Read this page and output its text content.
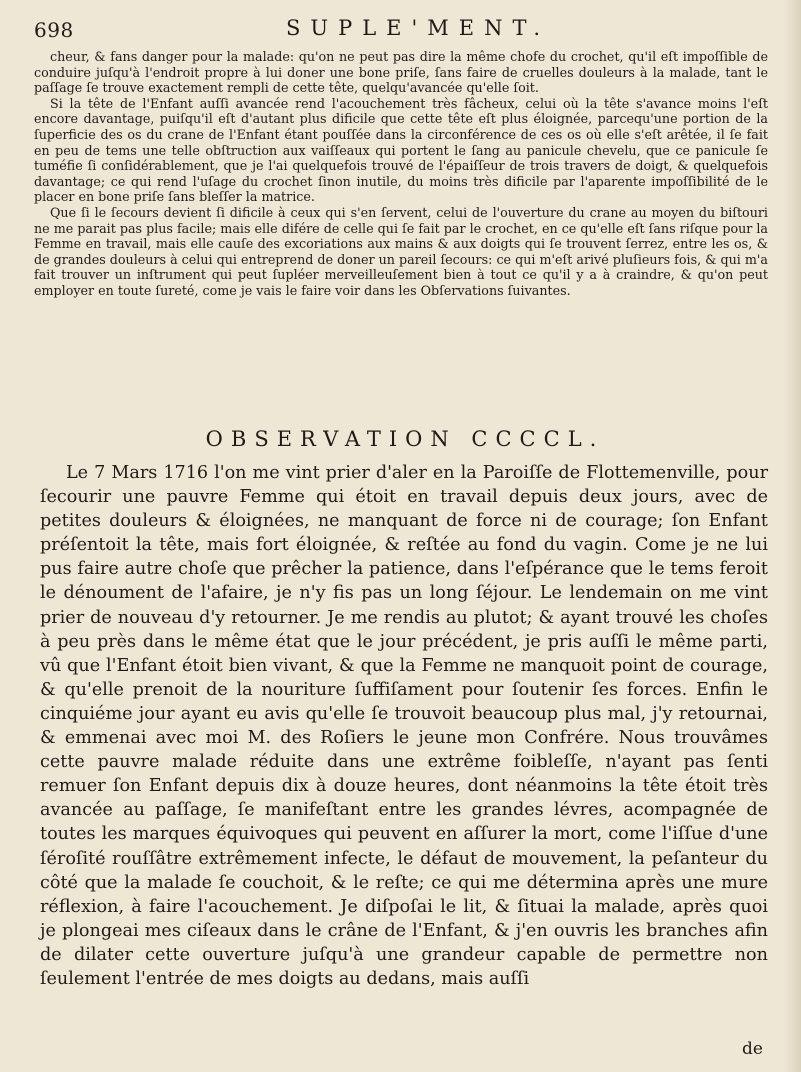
698	SUPLE'MENT.

cheur, & fans danger pour la malade: qu'on ne peut pas dire la même chofe du crochet, qu'il eſt impoſſible de conduire juſqu'à l'endroit propre à lui doner une bone priſe, ſans faire de cruelles douleurs à la malade, tant le paſſage ſe trouve exactement rempli de cette tête, quelqu'avancée qu'elle ſoit.

Si la tête de l'Enfant auſſi avancée rend l'acouchement très fâcheux, celui où la tête s'avance moins l'eſt encore davantage, puiſqu'il eſt d'autant plus dificile que cette tête eſt plus éloignée, parcequ'une portion de la ſuperficie des os du crane de l'Enfant étant pouſſée dans la circonférence de ces os où elle s'eſt arêtée, il ſe fait en peu de tems une telle obſtruction aux vaiſſeaux qui portent le ſang au panicule chevelu, que ce panicule ſe tuméfie ſi conſidérablement, que je l'ai quelquefois trouvé de l'épaiſſeur de trois travers de doigt, & quelquefois davantage; ce qui rend l'uſage du crochet ſinon inutile, du moins très dificile par l'aparente impoſſibilité de le placer en bone priſe ſans bleſſer la matrice.

Que ſi le ſecours devient ſi dificile à ceux qui s'en ſervent, celui de l'ouverture du crane au moyen du biſtouri ne me parait pas plus facile; mais elle difére de celle qui ſe fait par le crochet, en ce qu'elle eſt ſans riſque pour la Femme en travail, mais elle cauſe des excoriations aux mains & aux doigts qui ſe trouvent ſerrez, entre les os, & de grandes douleurs à celui qui entreprend de doner un pareil ſecours: ce qui m'eſt arivé pluſieurs fois, & qui m'a fait trouver un inſtrument qui peut ſupléer merveilleuſement bien à tout ce qu'il y a à craindre, & qu'on peut employer en toute ſureté, come je vais le faire voir dans les Obſervations ſuivantes.

OBSERVATION CCCCL.

Le 7 Mars 1716 l'on me vint prier d'aler en la Paroiſſe de Flottemenville, pour ſecourir une pauvre Femme qui étoit en travail depuis deux jours, avec de petites douleurs & éloignées, ne manquant de force ni de courage; ſon Enfant préſentoit la tête, mais fort éloignée, & reſtée au fond du vagin. Come je ne lui pus faire autre choſe que prêcher la patience, dans l'eſpérance que le tems feroit le dénoument de l'afaire, je n'y fis pas un long ſéjour. Le lendemain on me vint prier de nouveau d'y retourner. Je me rendis au plutot; & ayant trouvé les choſes à peu près dans le même état que le jour précédent, je pris auſſi le même parti, vû que l'Enfant étoit bien vivant, & que la Femme ne manquoit point de courage, & qu'elle prenoit de la nouriture ſuffiſament pour ſoutenir ſes forces. Enfin le cinquiéme jour ayant eu avis qu'elle ſe trouvoit beaucoup plus mal, j'y retournai, & emmenai avec moi M. des Roſiers le jeune mon Confrére. Nous trouvâmes cette pauvre malade réduite dans une extrême foibleſſe, n'ayant pas ſenti remuer ſon Enfant depuis dix à douze heures, dont néanmoins la tête étoit très avancée au paſſage, ſe manifeſtant entre les grandes lévres, acompagnée de toutes les marques équivoques qui peuvent en aſſurer la mort, come l'iſſue d'une ſéroſité rouſſâtre extrêmement infecte, le défaut de mouvement, la peſanteur du côté que la malade ſe couchoit, & le reſte; ce qui me détermina après une mure réflexion, à faire l'acouchement. Je diſpoſai le lit, & ſituai la malade, après quoi je plongeai mes ciſeaux dans le crâne de l'Enfant, & j'en ouvris les branches afin de dilater cette ouverture juſqu'à une grandeur capable de permettre non ſeulement l'entrée de mes doigts au dedans, mais auſſi

de
